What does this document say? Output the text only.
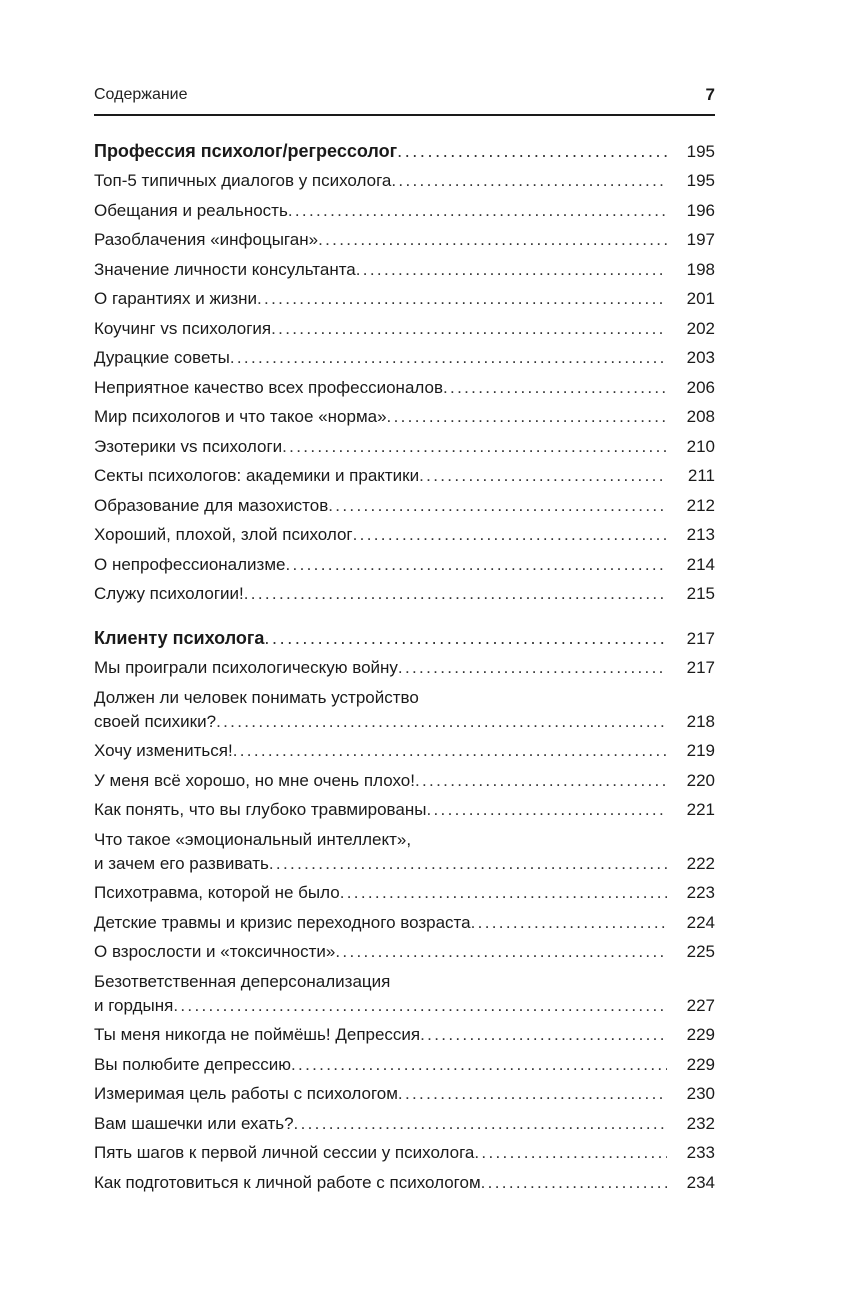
Содержание	7
Профессия психолог/регрессолог . . .	195
Топ-5 типичных диалогов у психолога . . .	195
Обещания и реальность . . .	196
Разоблачения «инфоцыган» . . .	197
Значение личности консультанта . . .	198
О гарантиях и жизни . . .	201
Коучинг vs психология . . .	202
Дурацкие советы . . .	203
Неприятное качество всех профессионалов . . .	206
Мир психологов и что такое «норма» . . .	208
Эзотерики vs психологи . . .	210
Секты психологов: академики и практики . . .	211
Образование для мазохистов . . .	212
Хороший, плохой, злой психолог . . .	213
О непрофессионализме . . .	214
Служу психологии! . . .	215
Клиенту психолога . . .	217
Мы проиграли психологическую войну . . .	217
Должен ли человек понимать устройство
своей психики? . . .	218
Хочу измениться! . . .	219
У меня всё хорошо, но мне очень плохо! . . .	220
Как понять, что вы глубоко травмированы . . .	221
Что такое «эмоциональный интеллект»,
и зачем его развивать . . .	222
Психотравма, которой не было . . .	223
Детские травмы и кризис переходного возраста . . .	224
О взрослости и «токсичности» . . .	225
Безответственная деперсонализация
и гордыня . . .	227
Ты меня никогда не поймёшь! Депрессия . . .	229
Вы полюбите депрессию . . .	229
Измеримая цель работы с психологом . . .	230
Вам шашечки или ехать? . . .	232
Пять шагов к первой личной сессии у психолога . . .	233
Как подготовиться к личной работе с психологом . . .	234
